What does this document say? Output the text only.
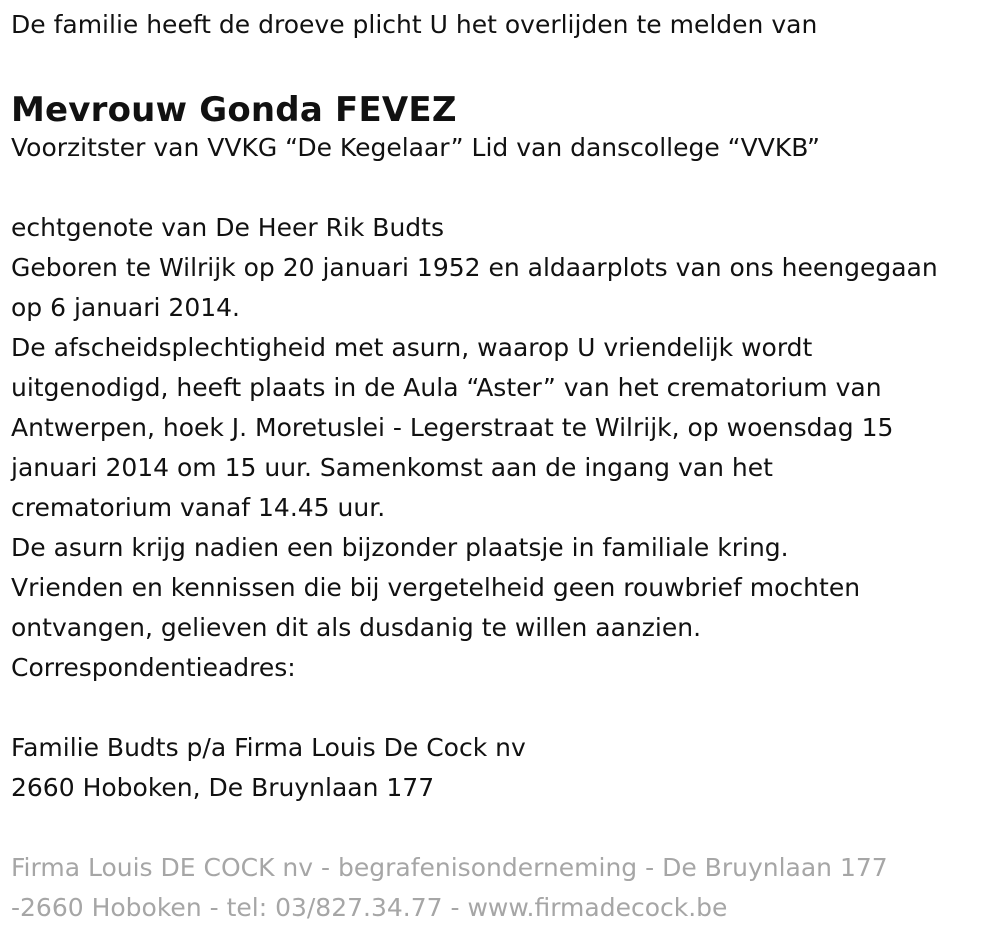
De familie heeft de droeve plicht U het overlijden te melden van

Mevrouw Gonda FEVEZ

Voorzitster van VVKG “De Kegelaar” Lid van danscollege “VVKB”

echtgenote van De Heer Rik Budts

Geboren te Wilrijk op 20 januari 1952 en aldaarplots van ons heengegaan

op 6 januari 2014.

De afscheidsplechtigheid met asurn, waarop U vriendelijk wordt

uitgenodigd, heeft plaats in de Aula “Aster” van het crematorium van

Antwerpen, hoek J. Moretuslei - Legerstraat te Wilrijk, op woensdag 15

januari 2014 om 15 uur. Samenkomst aan de ingang van het

crematorium vanaf 14.45 uur.

De asurn krijg nadien een bijzonder plaatsje in familiale kring.

Vrienden en kennissen die bij vergetelheid geen rouwbrief mochten

ontvangen, gelieven dit als dusdanig te willen aanzien.

Correspondentieadres:

Familie Budts p/a Firma Louis De Cock nv

2660 Hoboken, De Bruynlaan 177

Firma Louis DE COCK nv - begrafenisonderneming - De Bruynlaan 177

-2660 Hoboken - tel: 03/827.34.77 - www.firmadecock.be
